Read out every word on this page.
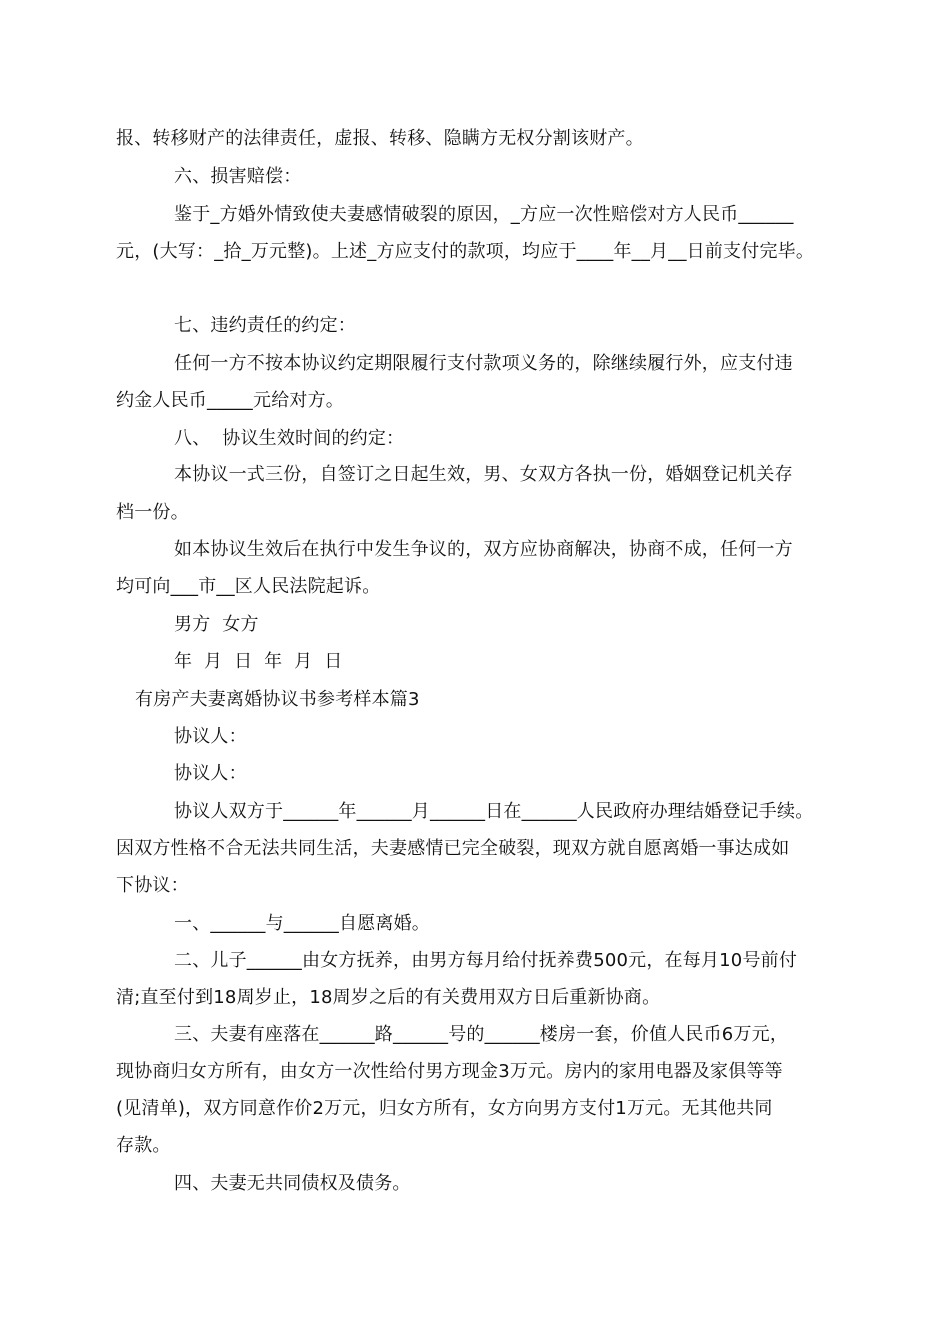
报、转移财产的法律责任，虚报、转移、隐瞒方无权分割该财产。
六、损害赔偿：
鉴于_方婚外情致使夫妻感情破裂的原因，_方应一次性赔偿对方人民币______
元，(大写：_拾_万元整)。上述_方应支付的款项，均应于____年__月__日前支付完毕。
七、违约责任的约定：
任何一方不按本协议约定期限履行支付款项义务的，除继续履行外，应支付违
约金人民币_____元给对方。
八、  协议生效时间的约定：
本协议一式三份，自签订之日起生效，男、女双方各执一份，婚姻登记机关存
档一份。
如本协议生效后在执行中发生争议的，双方应协商解决，协商不成，任何一方
均可向___市__区人民法院起诉。
男方  女方
年  月  日  年  月  日
有房产夫妻离婚协议书参考样本篇3
协议人：
协议人：
协议人双方于______年______月______日在______人民政府办理结婚登记手续。
因双方性格不合无法共同生活，夫妻感情已完全破裂，现双方就自愿离婚一事达成如
下协议：
一、______与______自愿离婚。
二、儿子______由女方抚养，由男方每月给付抚养费500元，在每月10号前付
清;直至付到18周岁止，18周岁之后的有关费用双方日后重新协商。
三、夫妻有座落在______路______号的______楼房一套，价值人民币6万元，
现协商归女方所有，由女方一次性给付男方现金3万元。房内的家用电器及家俱等等
(见清单)，双方同意作价2万元，归女方所有，女方向男方支付1万元。无其他共同
存款。
四、夫妻无共同债权及债务。
